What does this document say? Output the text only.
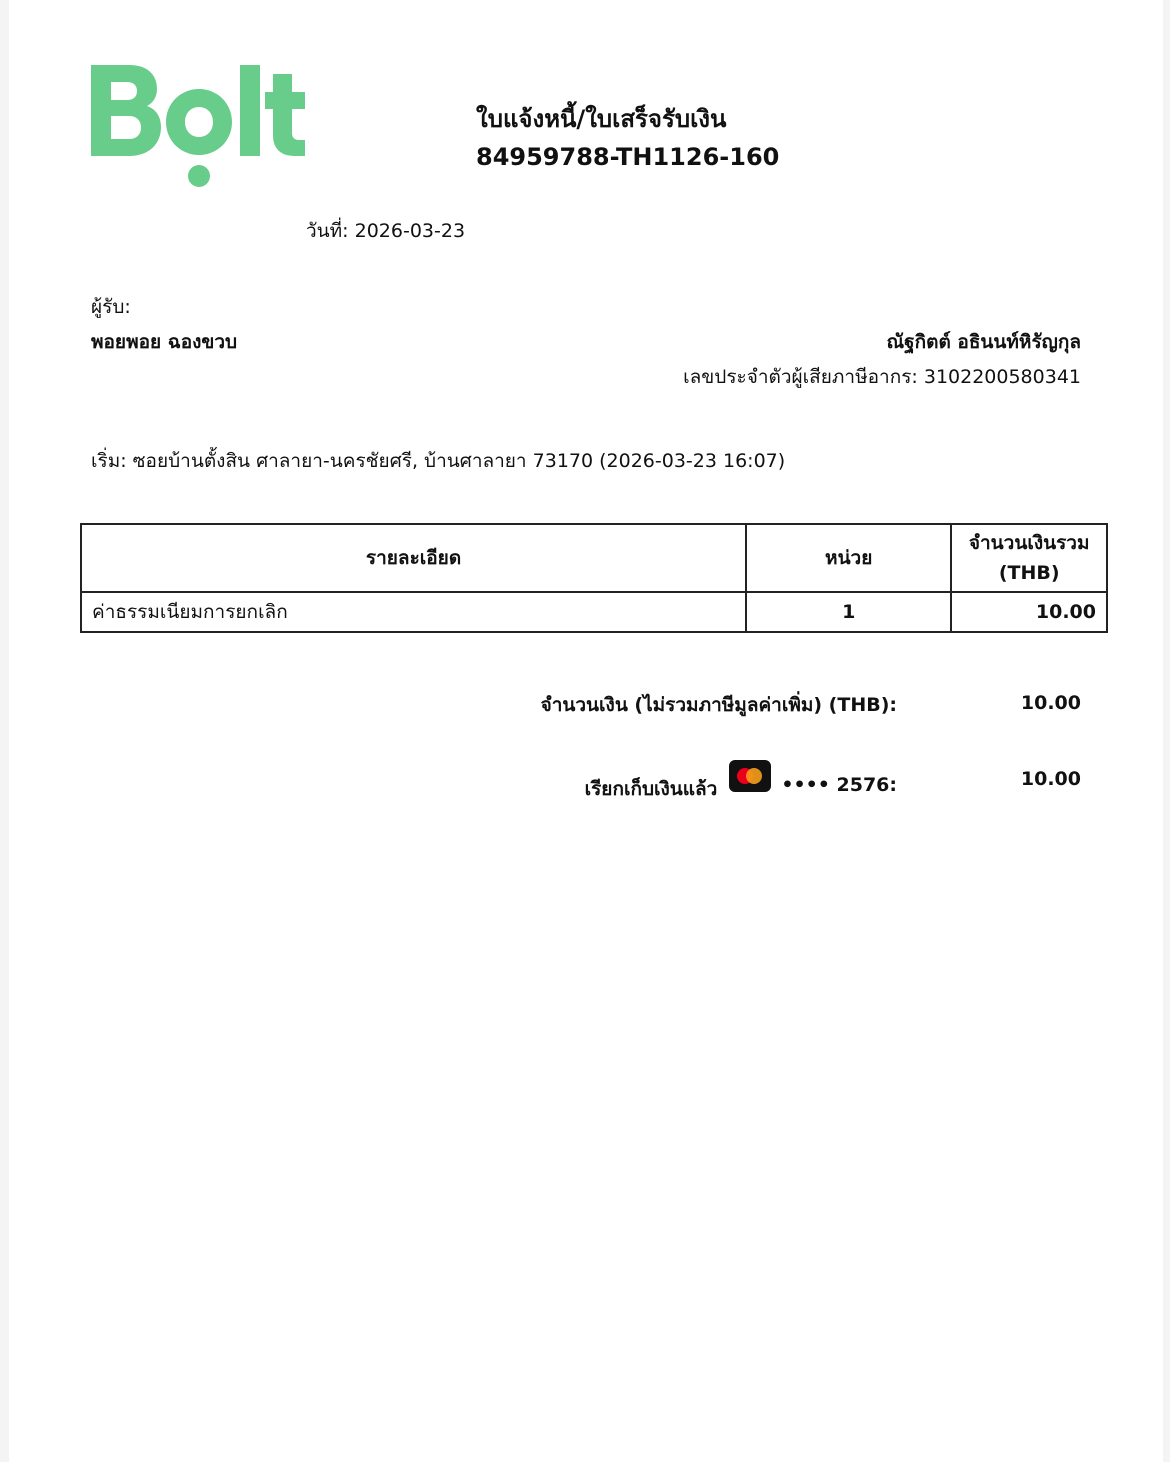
ใบแจ้งหนี้/ใบเสร็จรับเงิน
84959788-TH1126-160
วันที่: 2026-03-23
ผู้รับ:
พอยพอย ฉองขวบ	ณัฐกิตต์ อธินนท์หิรัญกุล
เลขประจำตัวผู้เสียภาษีอากร: 3102200580341
เริ่ม: ซอยบ้านตั้งสิน ศาลายา-นครชัยศรี, บ้านศาลายา 73170 (2026-03-23 16:07)
รายละเอียด	หน่วย	จำนวนเงินรวม
(THB)
ค่าธรรมเนียมการยกเลิก	1	10.00
จำนวนเงิน (ไม่รวมภาษีมูลค่าเพิ่ม) (THB):	10.00
เรียกเก็บเงินแล้ว	•••• 2576:	10.00
